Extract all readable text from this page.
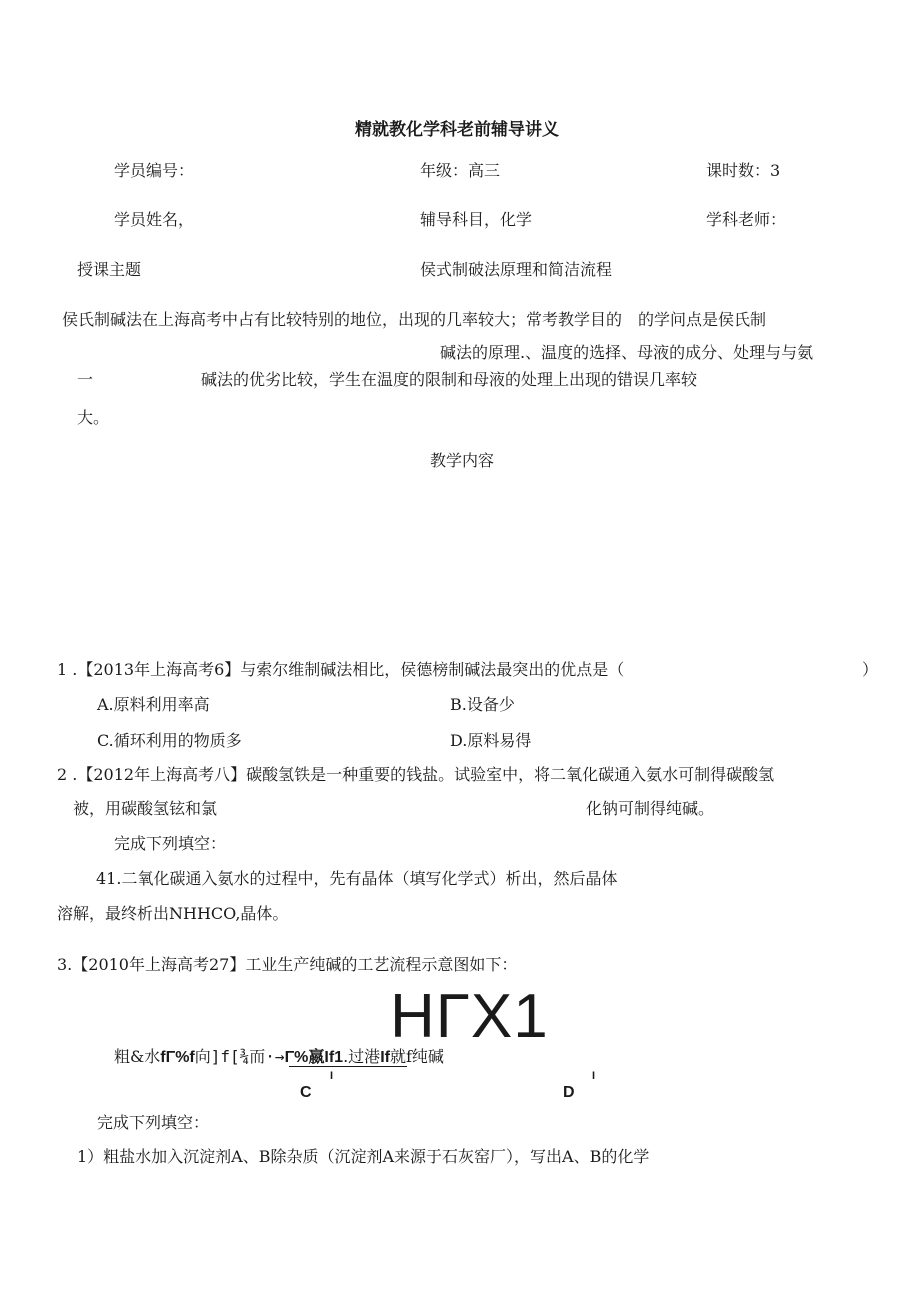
精就教化学科老前辅导讲义
学员编号：	年级：高三	课时数：3
学员姓名，	辅导科目，化学	学科老师：
授课主题	侯式制破法原理和简洁流程
侯氏制碱法在上海高考中占有比较特别的地位，出现的几率较大；常考教学目的　的学问点是侯氏制
碱法的原理.、温度的选择、母液的成分、处理与与氨
一	碱法的优劣比较，学生在温度的限制和母液的处理上出现的错误几率较
大。
教学内容
1 .【2013年上海高考6】与索尔维制碱法相比，侯德榜制碱法最突出的优点是（	）
A.原料利用率高	B.设备少
C.循环利用的物质多	D.原料易得
2 .【2012年上海高考八】碳酸氢铁是一种重要的钱盐。试验室中，将二氧化碳通入氨水可制得碳酸氢
被，用碳酸氢铉和氯	化钠可制得纯碱。
完成下列填空：
41.二氧化碳通入氨水的过程中，先有晶体（填写化学式）析出，然后晶体
溶解，最终析出NHHCO,晶体。
3.【2010年上海高考27】工业生产纯碱的工艺流程示意图如下：
HΓX1
粗&水fΓ%f向]f[¾而·→Γ%嬴If1.过港If就f纯碱
I
C
I
D
完成下列填空：
1）粗盐水加入沉淀剂A、B除杂质（沉淀剂A来源于石灰窑厂），写出A、B的化学
